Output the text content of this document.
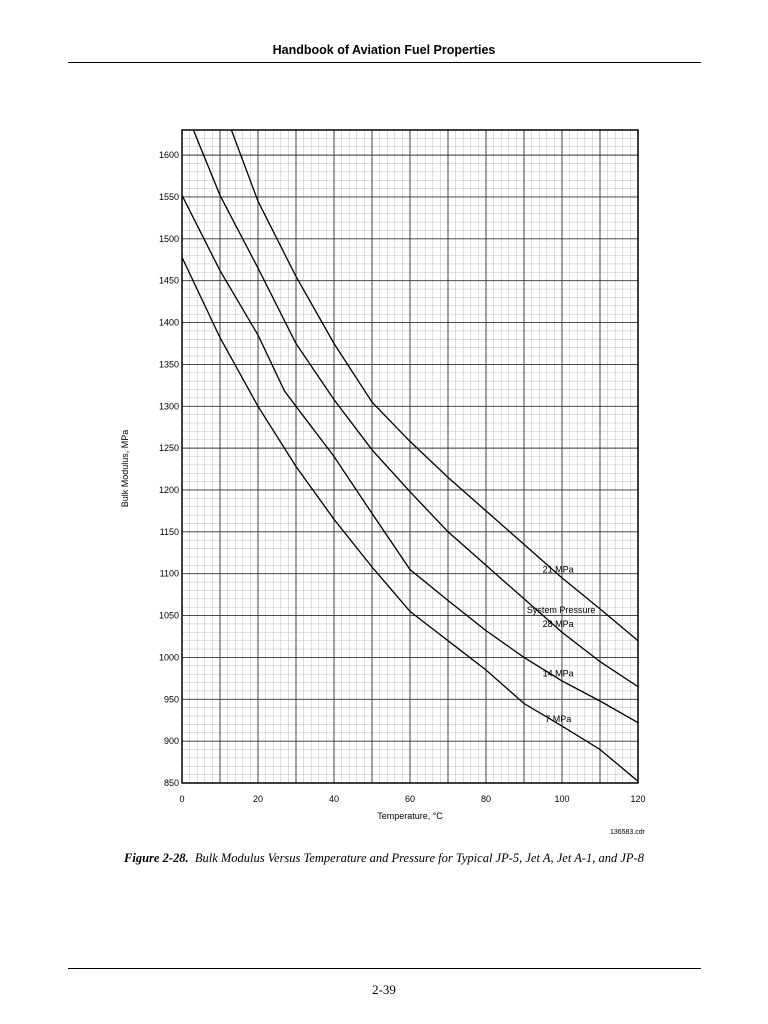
Handbook of Aviation Fuel Properties
0	20	40	60	80	100	120
850
900
950
1000
1050
1100
1150
1200
1250
1300
1350
1400
1450
1500
1550
1600
System Pressure
28 MPa
21 MPa
14 MPa
7 MPa
Temperature, °C
Bulk Modulus, MPa
136583.cdr
Figure 2-28. Bulk Modulus Versus Temperature and Pressure for Typical JP-5, Jet A, Jet A-1, and JP-8
2-39
